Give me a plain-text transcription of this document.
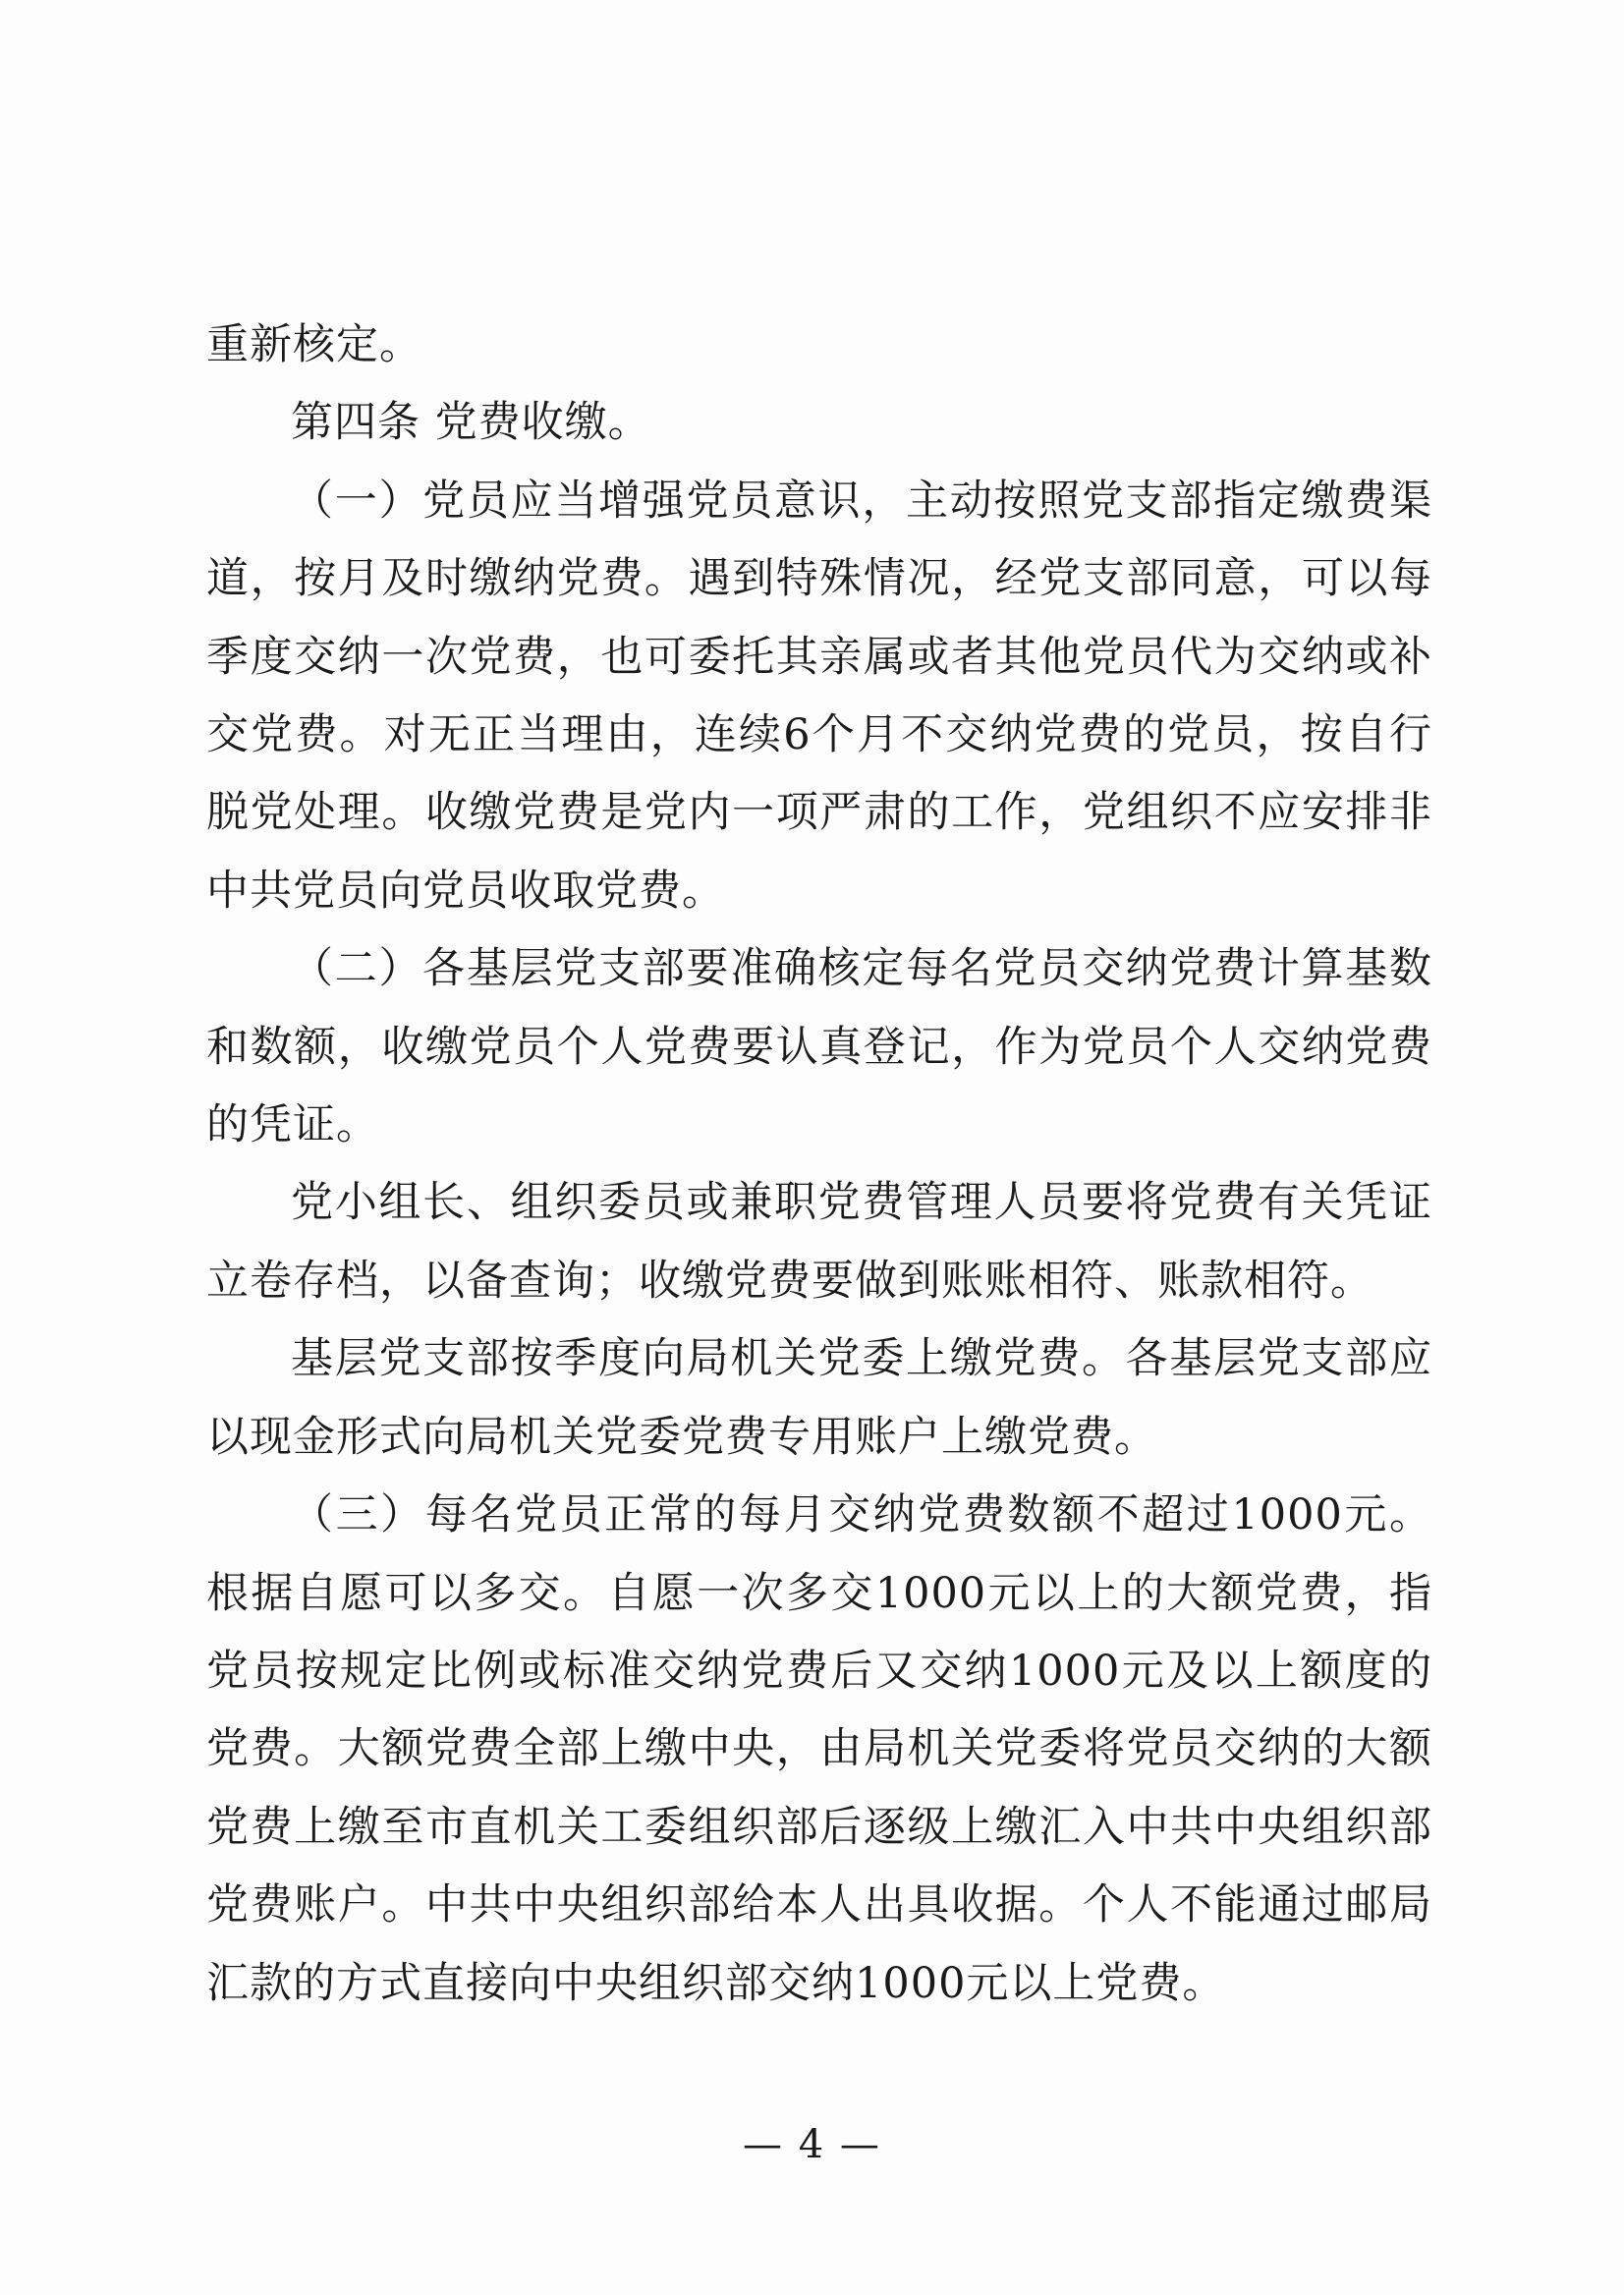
重新核定。

第四条 党费收缴。

（一）党员应当增强党员意识，主动按照党支部指定缴费渠道，按月及时缴纳党费。遇到特殊情况，经党支部同意，可以每季度交纳一次党费，也可委托其亲属或者其他党员代为交纳或补交党费。对无正当理由，连续6个月不交纳党费的党员，按自行脱党处理。收缴党费是党内一项严肃的工作，党组织不应安排非中共党员向党员收取党费。

（二）各基层党支部要准确核定每名党员交纳党费计算基数和数额，收缴党员个人党费要认真登记，作为党员个人交纳党费的凭证。

党小组长、组织委员或兼职党费管理人员要将党费有关凭证立卷存档，以备查询；收缴党费要做到账账相符、账款相符。

基层党支部按季度向局机关党委上缴党费。各基层党支部应以现金形式向局机关党委党费专用账户上缴党费。

（三）每名党员正常的每月交纳党费数额不超过1000元。根据自愿可以多交。自愿一次多交1000元以上的大额党费，指党员按规定比例或标准交纳党费后又交纳1000元及以上额度的党费。大额党费全部上缴中央，由局机关党委将党员交纳的大额党费上缴至市直机关工委组织部后逐级上缴汇入中共中央组织部党费账户。中共中央组织部给本人出具收据。个人不能通过邮局汇款的方式直接向中央组织部交纳1000元以上党费。

— 4 —
